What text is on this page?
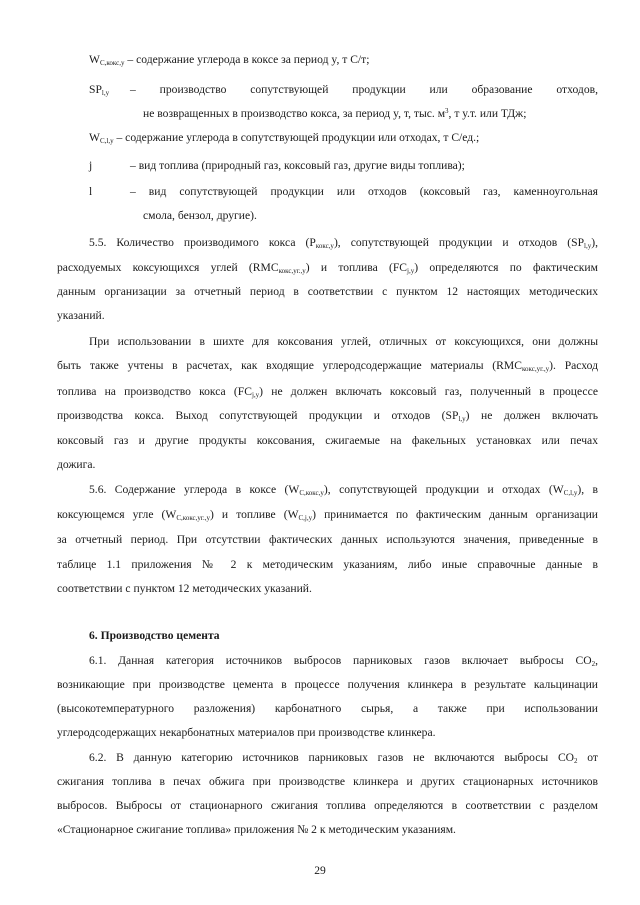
$W_{C,кокс,y}$ – содержание углерода в коксе за период y, т С/т;
$SP_{l,y}$ – производство сопутствующей продукции или образование отходов,
не возвращенных в производство кокса, за период y, т, тыс. $м^3$, т у.т. или ТДж;
$W_{C,l,y}$ – содержание углерода в сопутствующей продукции или отходах, т С/ед.;
j	– вид топлива (природный газ, коксовый газ, другие виды топлива);
l	– вид сопутствующей продукции или отходов (коксовый газ, каменноугольная
смола, бензол, другие).
5.5. Количество производимого кокса $(P_{кокс,y})$, сопутствующей продукции и отходов $(SP_{l,y})$,
расходуемых коксующихся углей $(RMC_{кокс,уг.,y})$ и топлива $(FC_{j,y})$ определяются по фактическим
данным организации за отчетный период в соответствии с пунктом 12 настоящих методических
указаний.
При использовании в шихте для коксования углей, отличных от коксующихся, они должны
быть также учтены в расчетах, как входящие углеродсодержащие материалы $(RMC_{кокс,уг.,y})$. Расход
топлива на производство кокса $(FC_{j,y})$ не должен включать коксовый газ, полученный в процессе
производства кокса. Выход сопутствующей продукции и отходов $(SP_{l,y})$ не должен включать
коксовый газ и другие продукты коксования, сжигаемые на факельных установках или печах
дожига.
5.6. Содержание углерода в коксе $(W_{C,кокс,y})$, сопутствующей продукции и отходах $(W_{C,l,y})$, в
коксующемся угле $(W_{C,кокс,уг.,y})$ и топливе $(W_{C,j,y})$ принимается по фактическим данным организации
за отчетный период. При отсутствии фактических данных используются значения, приведенные в
таблице 1.1 приложения № 2 к методическим указаниям, либо иные справочные данные в
соответствии с пунктом 12 методических указаний.
6. Производство цемента
6.1. Данная категория источников выбросов парниковых газов включает выбросы $CO_2$,
возникающие при производстве цемента в процессе получения клинкера в результате кальцинации
(высокотемпературного разложения) карбонатного сырья, а также при использовании
углеродсодержащих некарбонатных материалов при производстве клинкера.
6.2. В данную категорию источников парниковых газов не включаются выбросы $CO_2$ от
сжигания топлива в печах обжига при производстве клинкера и других стационарных источников
выбросов. Выбросы от стационарного сжигания топлива определяются в соответствии с разделом
«Стационарное сжигание топлива» приложения № 2 к методическим указаниям.
29
